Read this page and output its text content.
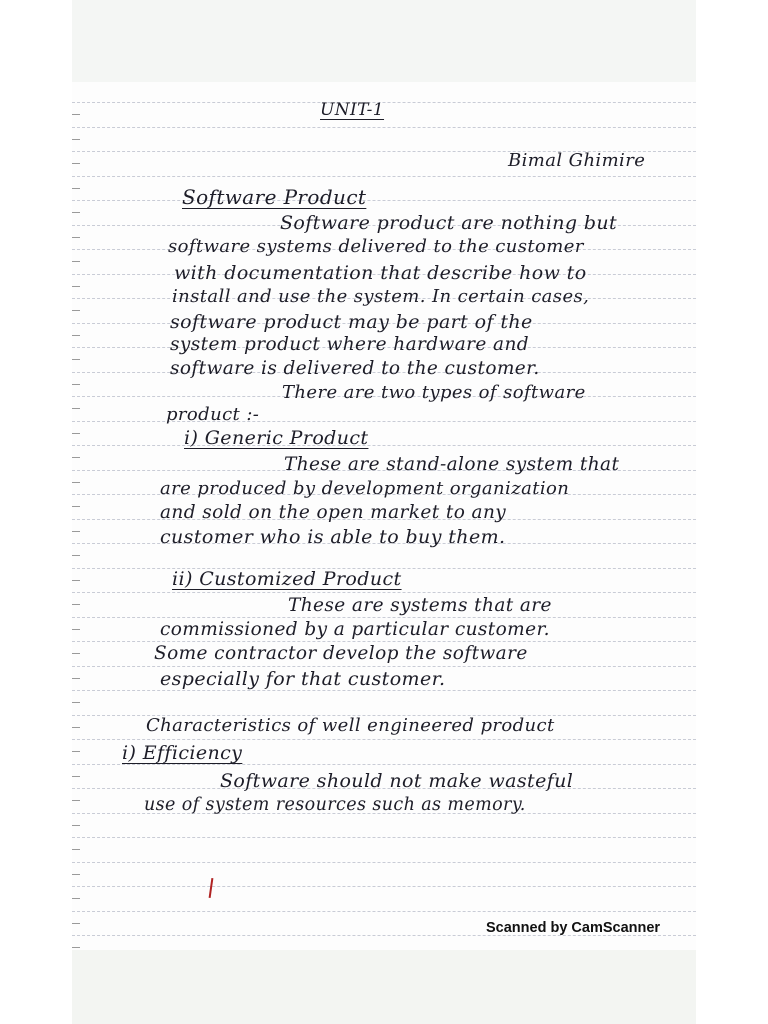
UNIT-1

Bimal Ghimire

Software Product

Software product are nothing but

software systems delivered to the customer

with documentation that describe how to

install and use the system. In certain cases,

software product may be part of the

system product where hardware and

software is delivered to the customer.

There are two types of software

product :-

i) Generic Product

These are stand-alone system that

are produced by development organization

and sold on the open market to any

customer who is able to buy them.

ii) Customized Product

These are systems that are

commissioned by a particular customer.

Some contractor develop the software

especially for that customer.

Characteristics of well engineered product

i) Efficiency

Software should not make wasteful

use of system resources such as memory.

Scanned by CamScanner
